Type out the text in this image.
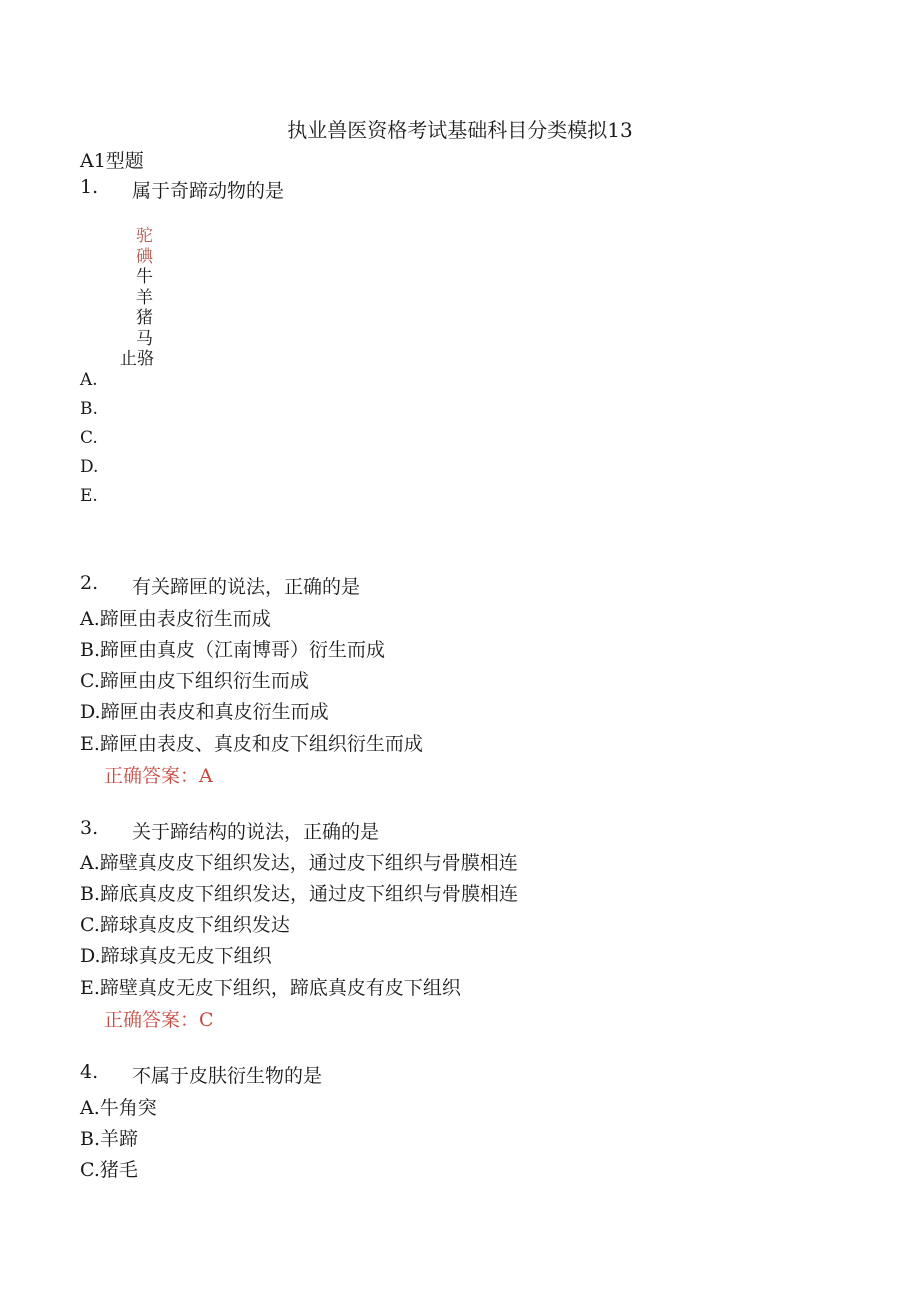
执业兽医资格考试基础科目分类模拟13
A1型题
1. 属于奇蹄动物的是
驼
碘
牛
羊
猪
马
止骆
A.
B.
C.
D.
E.
2. 有关蹄匣的说法，正确的是
A.蹄匣由表皮衍生而成
B.蹄匣由真皮（江南博哥）衍生而成
C.蹄匣由皮下组织衍生而成
D.蹄匣由表皮和真皮衍生而成
E.蹄匣由表皮、真皮和皮下组织衍生而成
正确答案：A
3. 关于蹄结构的说法，正确的是
A.蹄壁真皮皮下组织发达，通过皮下组织与骨膜相连
B.蹄底真皮皮下组织发达，通过皮下组织与骨膜相连
C.蹄球真皮皮下组织发达
D.蹄球真皮无皮下组织
E.蹄壁真皮无皮下组织，蹄底真皮有皮下组织
正确答案：C
4. 不属于皮肤衍生物的是
A.牛角突
B.羊蹄
C.猪毛
